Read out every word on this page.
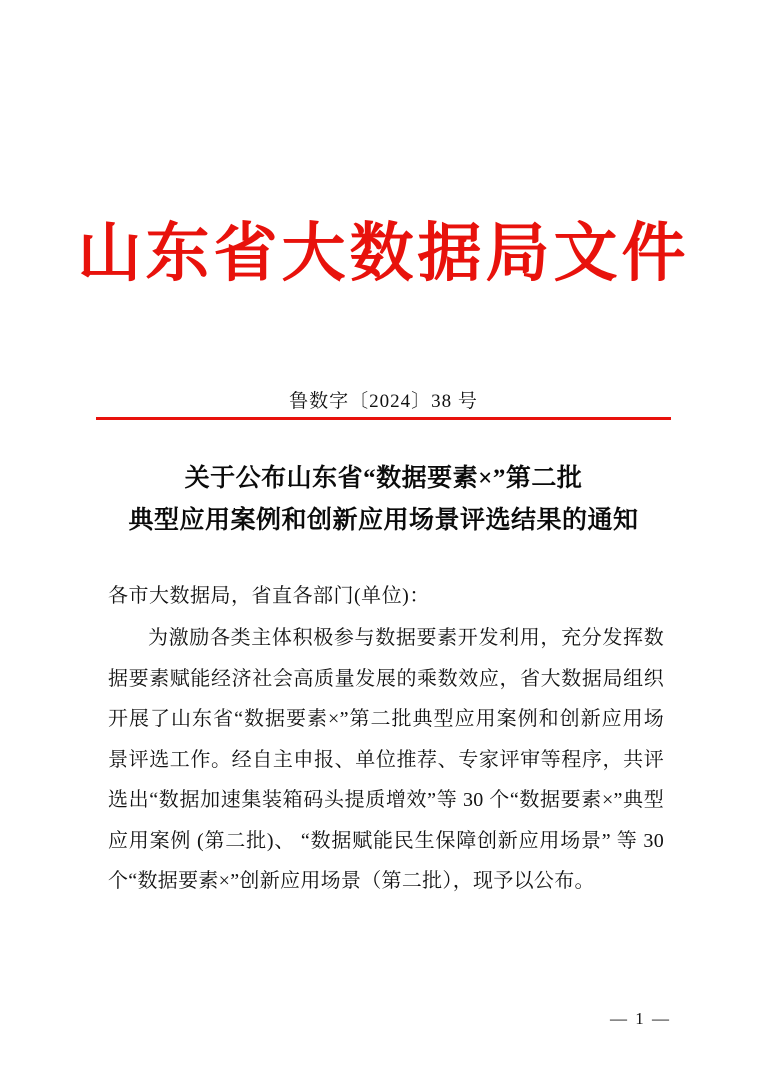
山东省大数据局文件
鲁数字〔2024〕38 号
关于公布山东省“数据要素×”第二批
典型应用案例和创新应用场景评选结果的通知
各市大数据局，省直各部门(单位)：
为激励各类主体积极参与数据要素开发利用，充分发挥数据要素赋能经济社会高质量发展的乘数效应，省大数据局组织开展了山东省“数据要素×”第二批典型应用案例和创新应用场景评选工作。经自主申报、单位推荐、专家评审等程序，共评选出“数据加速集装箱码头提质增效”等 30 个“数据要素×”典型应用案例 (第二批)、 “数据赋能民生保障创新应用场景” 等 30 个“数据要素×”创新应用场景（第二批），现予以公布。
— 1 —
